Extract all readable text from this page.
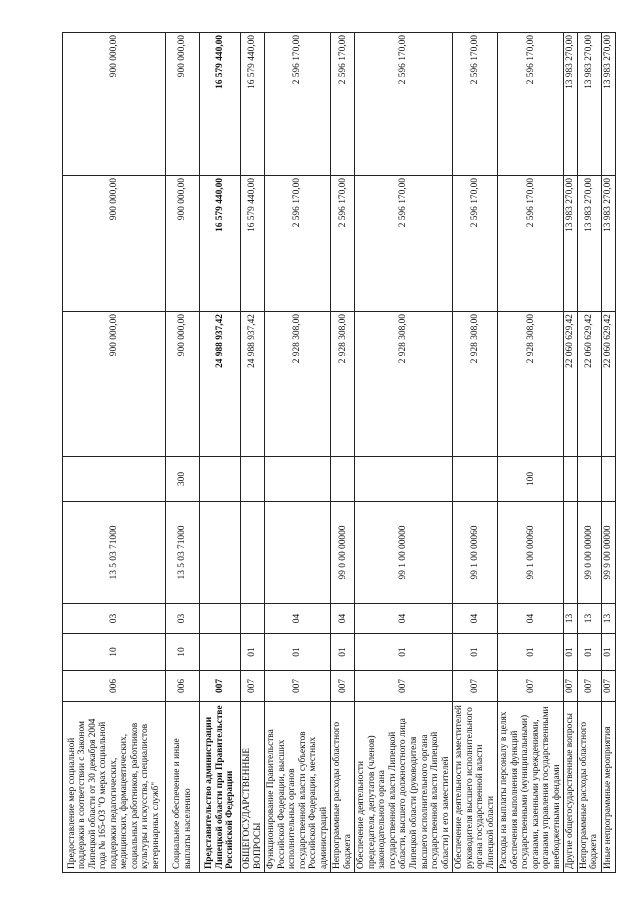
Предоставление мер социальной поддержки в соответствии с Законом Липецкой области от 30 декабря 2004 года № 165-ОЗ "О мерах социальной поддержки педагогических, медицинских, фармацевтических, социальных работников, работников культуры и искусства, специалистов ветеринарных служб"	006	10	03	13 5 03 71000		900 000,00	900 000,00	900 000,00
Социальное обеспечение и иные выплаты населению	006	10	03	13 5 03 71000	300	900 000,00	900 000,00	900 000,00
Представительство администрации Липецкой области при Правительстве Российской Федерации	007					24 988 937,42	16 579 440,00	16 579 440,00
ОБЩЕГОСУДАРСТВЕННЫЕ ВОПРОСЫ	007	01				24 988 937,42	16 579 440,00	16 579 440,00
Функционирование Правительства Российской Федерации, высших исполнительных органов государственной власти субъектов Российской Федерации, местных администраций	007	01	04			2 928 308,00	2 596 170,00	2 596 170,00
Непрограммные расходы областного бюджета	007	01	04	99 0 00 00000		2 928 308,00	2 596 170,00	2 596 170,00
Обеспечение деятельности председателя, депутатов (членов) законодательного органа государственной власти Липецкой области, высшего должностного лица Липецкой области (руководителя высшего исполнительного органа государственной власти Липецкой области) и его заместителей	007	01	04	99 1 00 00000		2 928 308,00	2 596 170,00	2 596 170,00
Обеспечение деятельности заместителей руководителя высшего исполнительного органа государственной власти Липецкой области	007	01	04	99 1 00 00060		2 928 308,00	2 596 170,00	2 596 170,00
Расходы на выплаты персоналу в целях обеспечения выполнения функций государственными (муниципальными) органами, казенными учреждениями, органами управления государственными внебюджетными фондами	007	01	04	99 1 00 00060	100	2 928 308,00	2 596 170,00	2 596 170,00
Другие общегосударственные вопросы	007	01	13			22 060 629,42	13 983 270,00	13 983 270,00
Непрограммные расходы областного бюджета	007	01	13	99 0 00 00000		22 060 629,42	13 983 270,00	13 983 270,00
Иные непрограммные мероприятия	007	01	13	99 9 00 00000		22 060 629,42	13 983 270,00	13 983 270,00
